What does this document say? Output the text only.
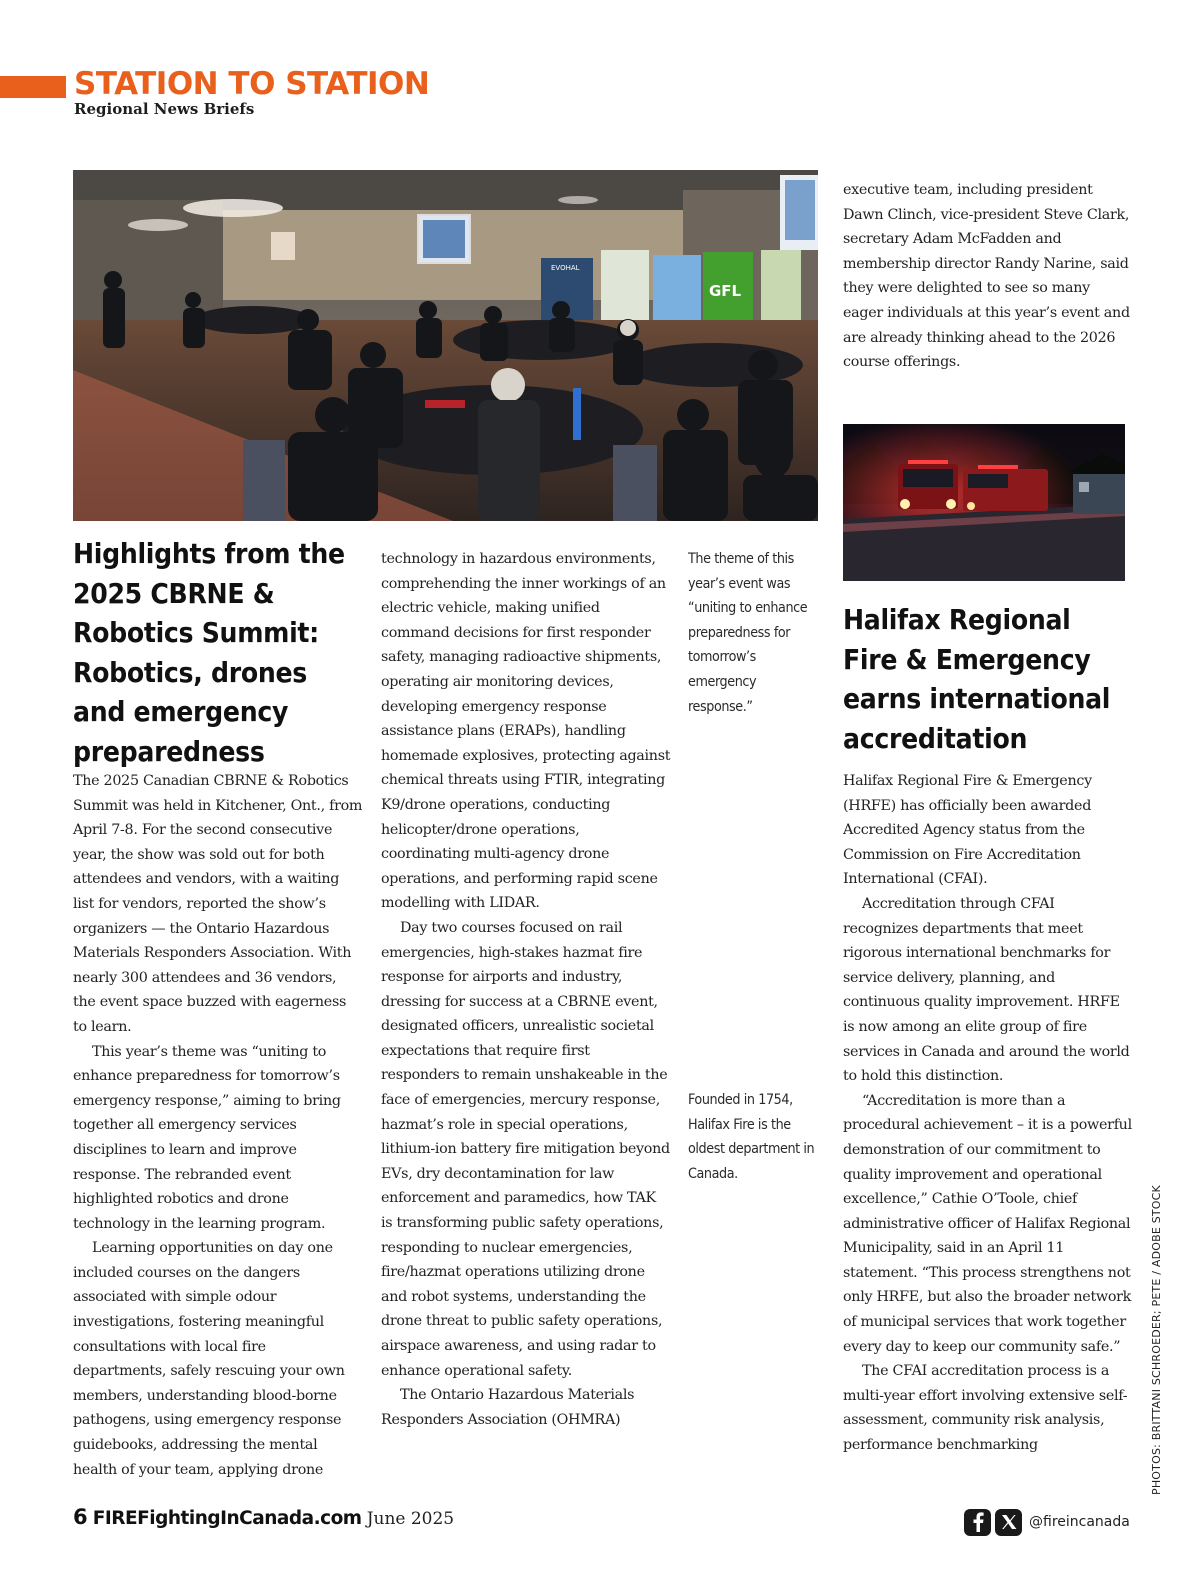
STATION TO STATION
Regional News Briefs
EVOHAL
GFL
Highlights from the 2025 CBRNE & Robotics Summit: Robotics, drones and emergency preparedness

The 2025 Canadian CBRNE & Robotics Summit was held in Kitchener, Ont., from April 7-8. For the second consecutive year, the show was sold out for both attendees and vendors, with a waiting list for vendors, reported the show’s organizers — the Ontario Hazardous Materials Responders Association. With nearly 300 attendees and 36 vendors, the event space buzzed with eagerness to learn.

This year’s theme was “uniting to enhance preparedness for tomorrow’s emergency response,” aiming to bring together all emergency services disciplines to learn and improve response. The rebranded event highlighted robotics and drone technology in the learning program.

Learning opportunities on day one included courses on the dangers associated with simple odour investigations, fostering meaningful consultations with local fire departments, safely rescuing your own members, understanding blood-borne pathogens, using emergency response guidebooks, addressing the mental health of your team, applying drone

technology in hazardous environments, comprehending the inner workings of an electric vehicle, making unified command decisions for first responder safety, managing radioactive shipments, operating air monitoring devices, developing emergency response assistance plans (ERAPs), handling homemade explosives, protecting against chemical threats using FTIR, integrating K9/drone operations, conducting helicopter/drone operations, coordinating multi-agency drone operations, and performing rapid scene modelling with LIDAR.

Day two courses focused on rail emergencies, high-stakes hazmat fire response for airports and industry, dressing for success at a CBRNE event, designated officers, unrealistic societal expectations that require first responders to remain unshakeable in the face of emergencies, mercury response, hazmat’s role in special operations, lithium-ion battery fire mitigation beyond EVs, dry decontamination for law enforcement and paramedics, how TAK is transforming public safety operations, responding to nuclear emergencies, fire/hazmat operations utilizing drone and robot systems, understanding the drone threat to public safety operations, airspace awareness, and using radar to enhance operational safety.

The Ontario Hazardous Materials Responders Association (OHMRA)

The theme of this year’s event was “uniting to enhance preparedness for tomorrow’s emergency response.”
Founded in 1754, Halifax Fire is the oldest department in Canada.

executive team, including president Dawn Clinch, vice-president Steve Clark, secretary Adam McFadden and membership director Randy Narine, said they were delighted to see so many eager individuals at this year’s event and are already thinking ahead to the 2026 course offerings.

Halifax Regional Fire & Emergency earns international accreditation

Halifax Regional Fire & Emergency (HRFE) has officially been awarded Accredited Agency status from the Commission on Fire Accreditation International (CFAI).

Accreditation through CFAI recognizes departments that meet rigorous international benchmarks for service delivery, planning, and continuous quality improvement. HRFE is now among an elite group of fire services in Canada and around the world to hold this distinction.

“Accreditation is more than a procedural achievement – it is a powerful demonstration of our commitment to quality improvement and operational excellence,” Cathie O’Toole, chief administrative officer of Halifax Regional Municipality, said in an April 11 statement. “This process strengthens not only HRFE, but also the broader network of municipal services that work together every day to keep our community safe.”

The CFAI accreditation process is a multi-year effort involving extensive self-assessment, community risk analysis, performance benchmarking	PHOTOS: BRITTANI SCHROEDER; PETE / ADOBE STOCK
6 FIREFightingInCanada.com June 2025	@fireincanada
